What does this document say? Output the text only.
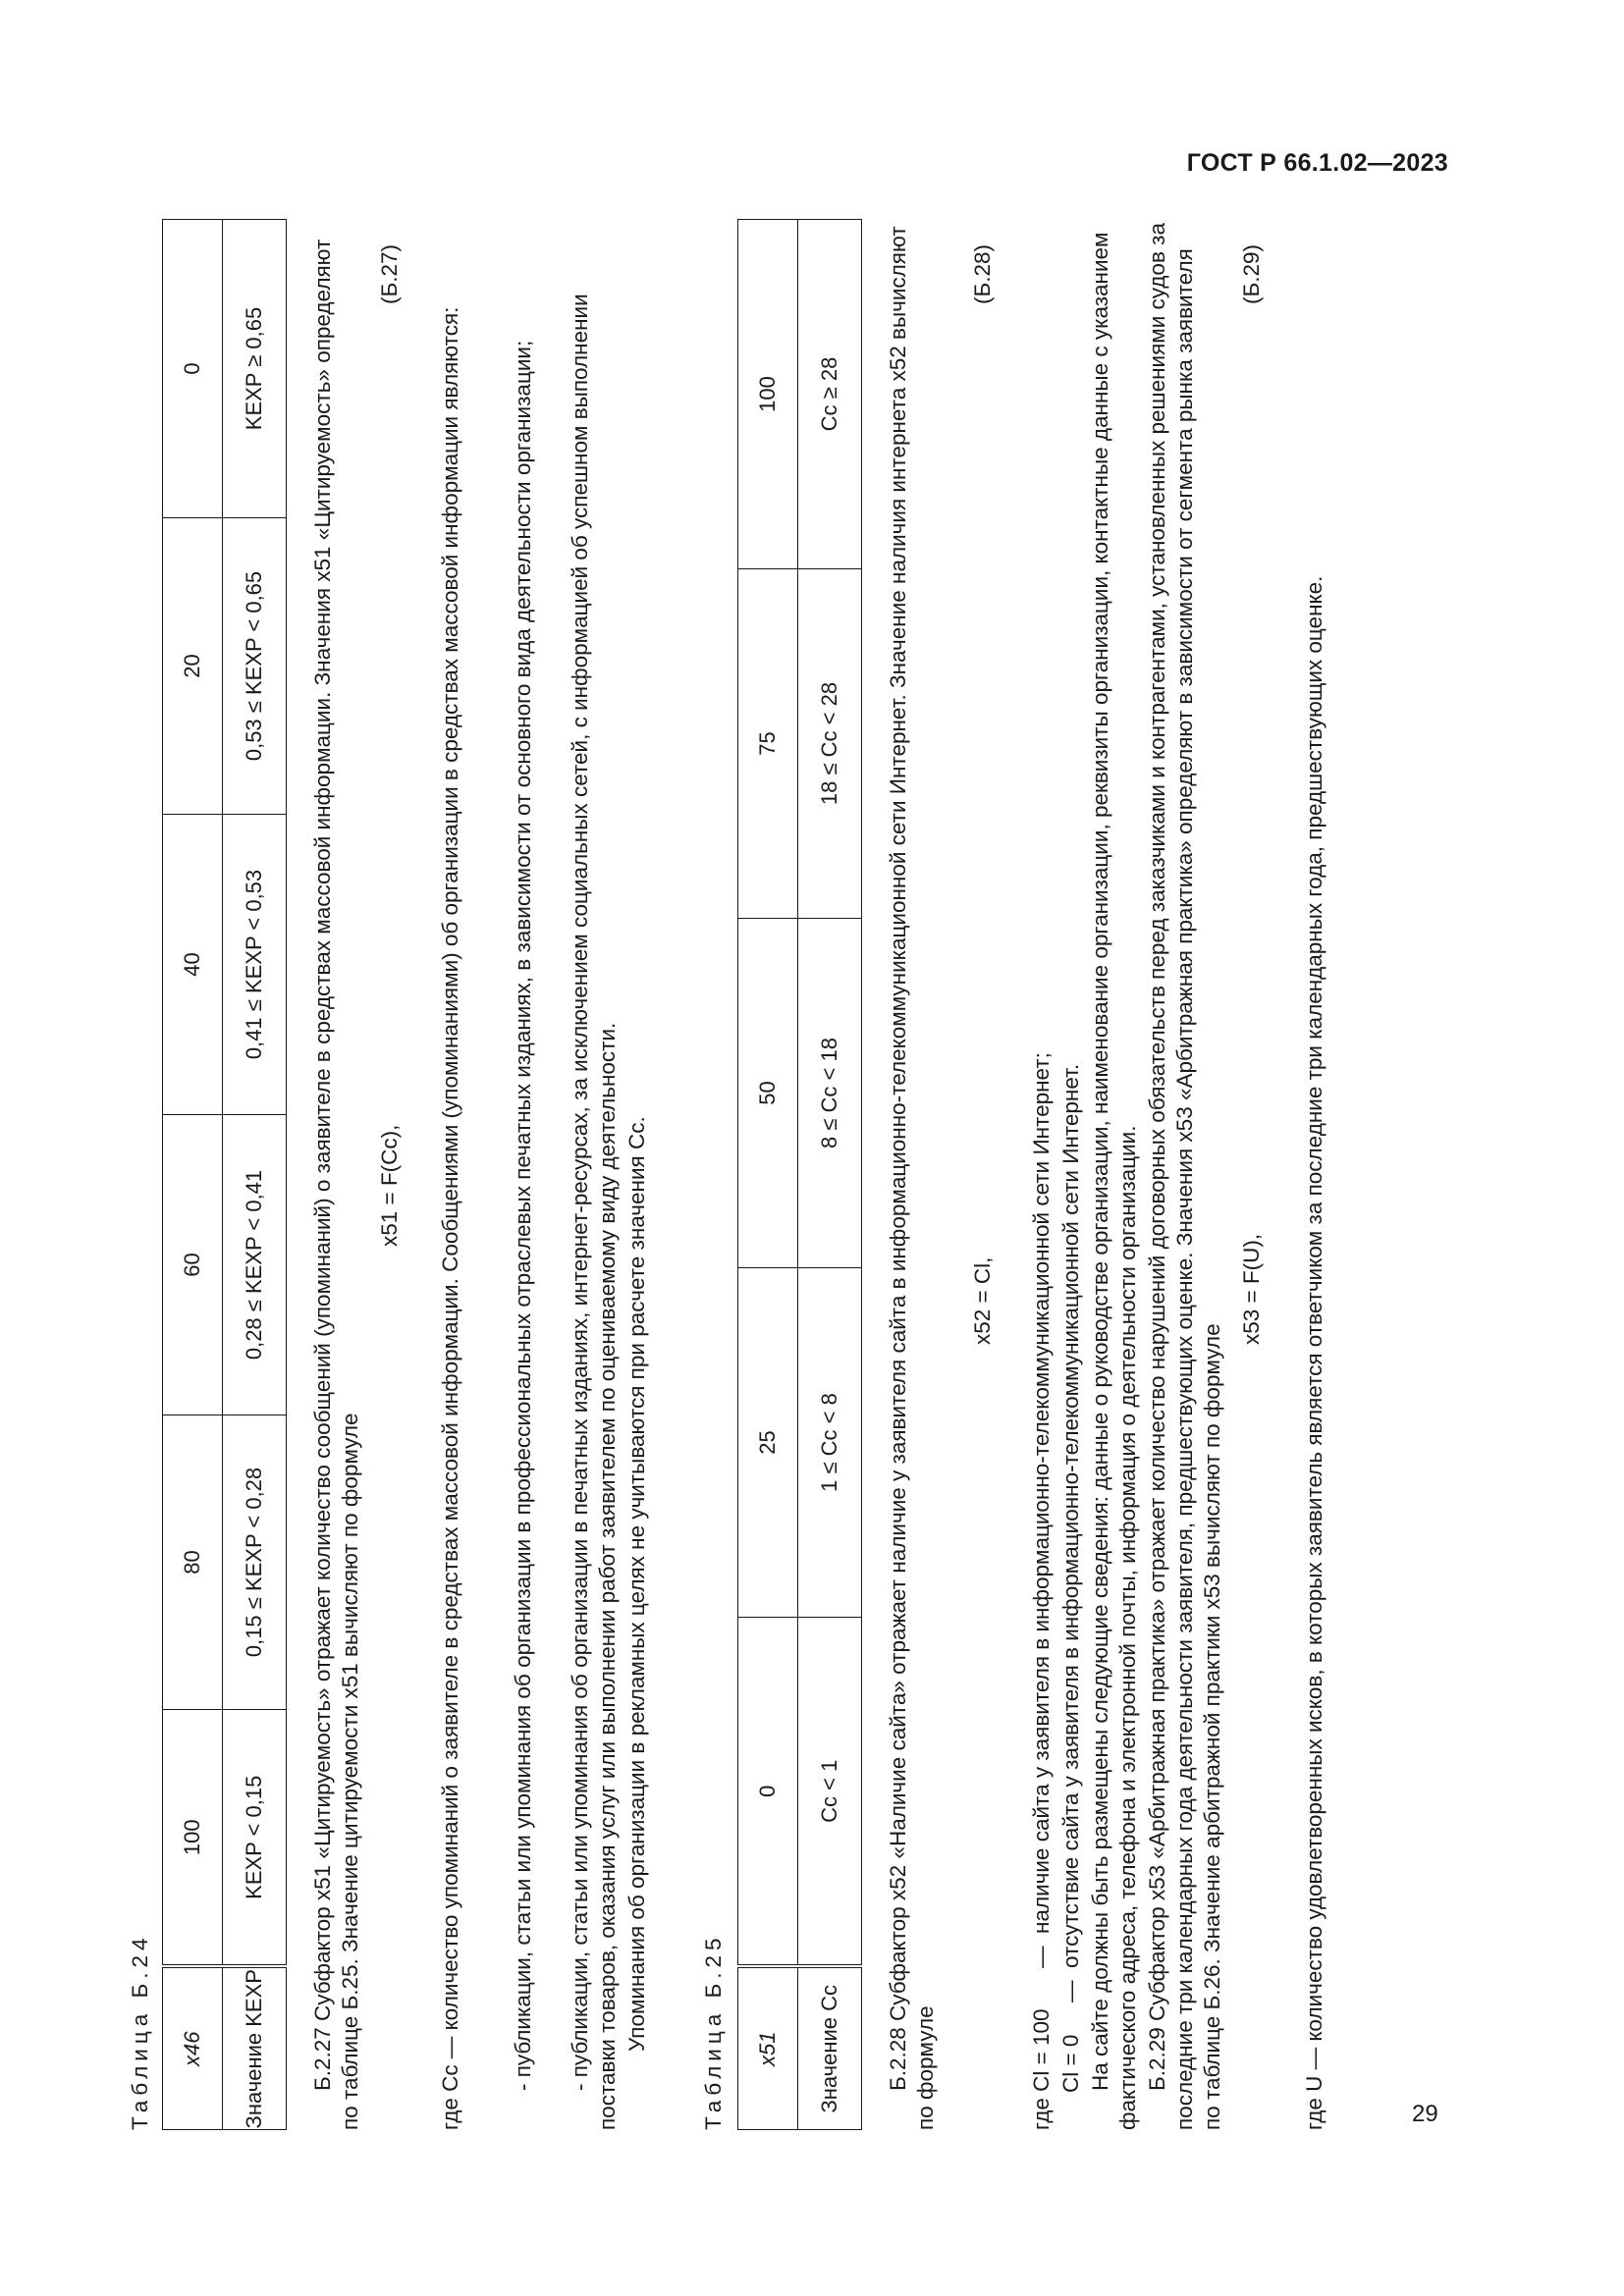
ГОСТ Р 66.1.02—2023
29
Таблица Б.24 x46	100	80	60	40	20	0
Значение KEXP	KEXP < 0,15	0,15 ≤ KEXP < 0,28	0,28 ≤ KEXP < 0,41	0,41 ≤ KEXP < 0,53	0,53 ≤ KEXP < 0,65	KEXP ≥ 0,65 Б.2.27 Субфактор x51 «Цитируемость» отражает количество сообщений (упоминаний) о заявителе в средствах массовой информации. Значения x51 «Цитируемость» определяют по таблице Б.25. Значение цитируемости x51 вычисляют по формуле

x51 = F(Cc),
(Б.27)

где Cc — количество упоминаний о заявителе в средствах массовой информации. Сообщениями (упоминаниями) об организации в средствах массовой информации являются: - публикации, статьи или упоминания об организации в профессиональных отраслевых печатных изданиях, в зависимости от основного вида деятельности организации; - публикации, статьи или упоминания об организации в печатных изданиях, интернет-ресурсах, за исключением социальных сетей, с информацией об успешном выполнении поставки товаров, оказания услуг или выполнении работ заявителем по оцениваемому виду деятельности. Упоминания об организации в рекламных целях не учитываются при расчете значения Cc. Таблица Б.25 x51	0	25	50	75	100
Значение Cc	Cc < 1	1 ≤ Cc < 8	8 ≤ Cc < 18	18 ≤ Cc < 28	Cc ≥ 28 Б.2.28 Субфактор x52 «Наличие сайта» отражает наличие у заявителя сайта в информационно-телекоммуникационной сети Интернет. Значение наличия интернета x52 вычисляют по формуле

x52 = Cl,
(Б.28)
где Cl = 100
—
наличие сайта у заявителя в информационно-телекоммуникационной сети Интернет;
Cl = 0
—
отсутствие сайта у заявителя в информационно-телекоммуникационной сети Интернет. На сайте должны быть размещены следующие сведения: данные о руководстве организации, наименование организации, реквизиты организации, контактные данные с указанием фактического адреса, телефона и электронной почты, информация о деятельности организации. Б.2.29 Субфактор x53 «Арбитражная практика» отражает количество нарушений договорных обязательств перед заказчиками и контрагентами, установленных решениями судов за последние три календарных года деятельности заявителя, предшествующих оценке. Значения x53 «Арбитражная практика» определяют в зависимости от сегмента рынка заявителя по таблице Б.26. Значение арбитражной практики x53 вычисляют по формуле

x53 = F(U),
(Б.29)

где U — количество удовлетворенных исков, в которых заявитель является ответчиком за последние три календарных года, предшествующих оценке.
